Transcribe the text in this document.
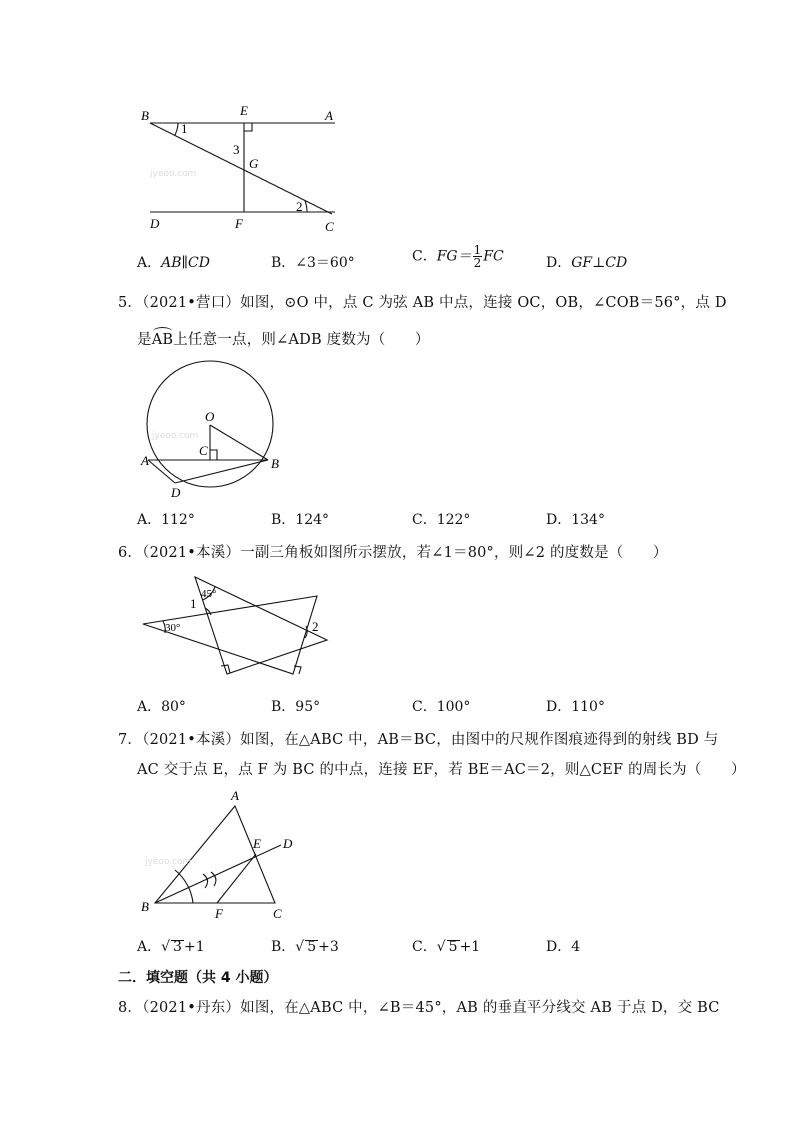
jyeoo.com
B	E	A
G
3
1
2
D	F	C
A．AB∥CD	B．∠3＝60°	C．$FG= \frac{1}{2}$ FC	D．GF⊥CD
5．（2021•营口）如图，⊙O 中，点 C 为弦 AB 中点，连接 OC，OB，∠COB＝56°，点 D
是AB上任意一点，则∠ADB 度数为（　　）
jyeoo.com
O
C
A	B
D
A．112°	B．124°	C．122°	D．134°
6．（2021•本溪）一副三角板如图所示摆放，若∠1＝80°，则∠2 的度数是（　　）
45°
30°
1
2
A．80°	B．95°	C．100°	D．110°
7．（2021•本溪）如图，在△ABC 中，AB＝BC，由图中的尺规作图痕迹得到的射线 BD 与
AC 交于点 E，点 F 为 BC 的中点，连接 EF，若 BE＝AC＝2，则△CEF 的周长为（　　）
jyeoo.com
A
E D
B	F	C
A．√ 3 +1	B．√ 5 +3	C．√ 5 +1	D．4
二．填空题（共 4 小题）
8．（2021•丹东）如图，在△ABC 中，∠B＝45°，AB 的垂直平分线交 AB 于点 D，交 BC
